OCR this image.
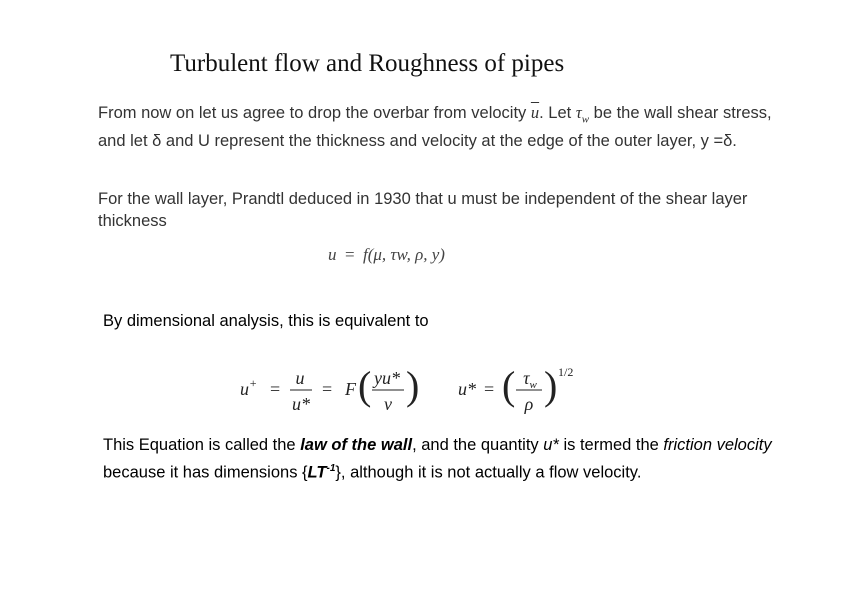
Turbulent flow and Roughness of pipes
From now on let us agree to drop the overbar from velocity $\overline{u}$. Let $\tau_w$ be the wall shear stress, and let δ and U represent the thickness and velocity at the edge of the outer layer, y =δ.
For the wall layer, Prandtl deduced in 1930 that u must be independent of the shear layer thickness
u = f(μ, τw, ρ, y)
By dimensional analysis, this is equivalent to
u+ =
u
u*
= F ( yu*
ν ) u* = ( $\tau_w$
ρ ) 1/2
This Equation is called the law of the wall, and the quantity u* is termed the friction velocity because it has dimensions $\{LT^{-1}\}$, although it is not actually a flow velocity.
